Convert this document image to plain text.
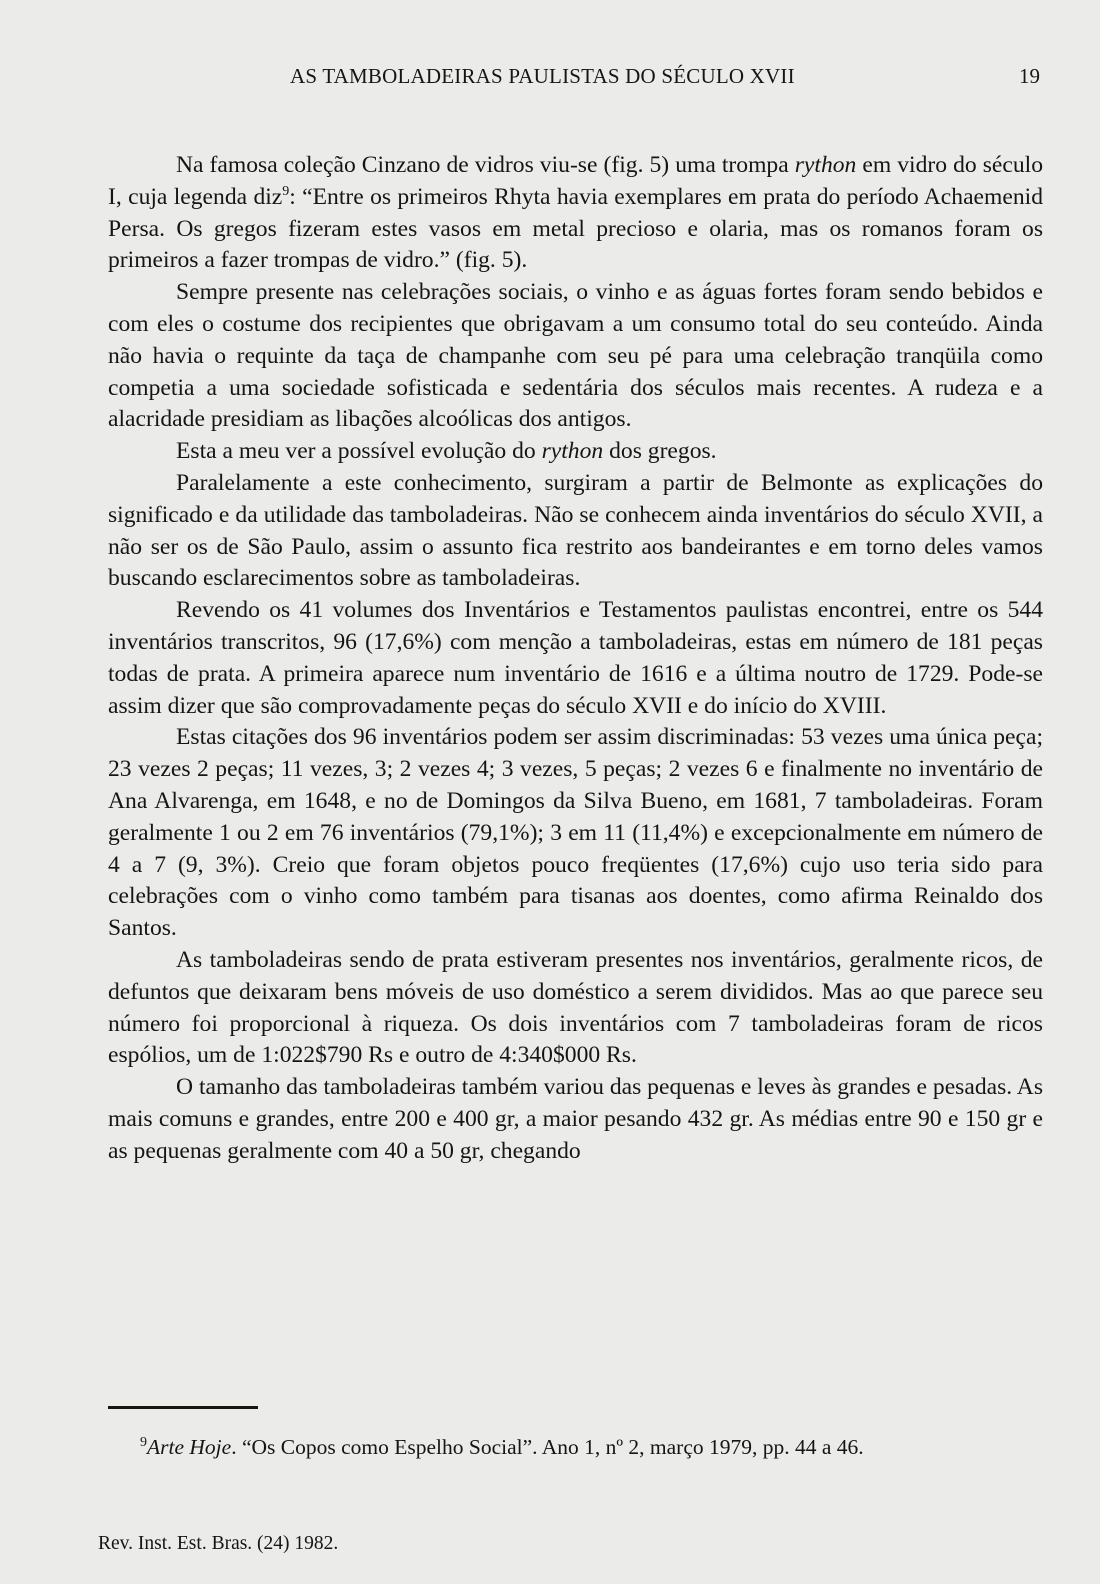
AS TAMBOLADEIRAS PAULISTAS DO SÉCULO XVII	19

Na famosa coleção Cinzano de vidros viu-se (fig. 5) uma trompa rython em vidro do século I, cuja legenda diz$^9$: “Entre os primeiros Rhyta havia exemplares em prata do período Achaemenid Persa. Os gregos fizeram estes vasos em metal precioso e olaria, mas os romanos foram os primeiros a fazer trompas de vidro.” (fig. 5).

Sempre presente nas celebrações sociais, o vinho e as águas fortes foram sendo bebidos e com eles o costume dos recipientes que obrigavam a um consumo total do seu conteúdo. Ainda não havia o requinte da taça de champanhe com seu pé para uma celebração tranqüila como competia a uma sociedade sofisticada e sedentária dos séculos mais recentes. A rudeza e a alacridade presidiam as libações alcoólicas dos antigos.

Esta a meu ver a possível evolução do rython dos gregos.

Paralelamente a este conhecimento, surgiram a partir de Belmonte as explicações do significado e da utilidade das tamboladeiras. Não se conhecem ainda inventários do século XVII, a não ser os de São Paulo, assim o assunto fica restrito aos bandeirantes e em torno deles vamos buscando esclarecimentos sobre as tamboladeiras.

Revendo os 41 volumes dos Inventários e Testamentos paulistas encontrei, entre os 544 inventários transcritos, 96 (17,6%) com menção a tamboladeiras, estas em número de 181 peças todas de prata. A primeira aparece num inventário de 1616 e a última noutro de 1729. Pode-se assim dizer que são comprovadamente peças do século XVII e do início do XVIII.

Estas citações dos 96 inventários podem ser assim discriminadas: 53 vezes uma única peça; 23 vezes 2 peças; 11 vezes, 3; 2 vezes 4; 3 vezes, 5 peças; 2 vezes 6 e finalmente no inventário de Ana Alvarenga, em 1648, e no de Domingos da Silva Bueno, em 1681, 7 tamboladeiras. Foram geralmente 1 ou 2 em 76 inventários (79,1%); 3 em 11 (11,4%) e excepcionalmente em número de 4 a 7 (9, 3%). Creio que foram objetos pouco freqüentes (17,6%) cujo uso teria sido para celebrações com o vinho como também para tisanas aos doentes, como afirma Reinaldo dos Santos.

As tamboladeiras sendo de prata estiveram presentes nos inventários, geralmente ricos, de defuntos que deixaram bens móveis de uso doméstico a serem divididos. Mas ao que parece seu número foi proporcional à riqueza. Os dois inventários com 7 tamboladeiras foram de ricos espólios, um de 1:022$790 Rs e outro de 4:340$000 Rs.

O tamanho das tamboladeiras também variou das pequenas e leves às grandes e pesadas. As mais comuns e grandes, entre 200 e 400 gr, a maior pesando 432 gr. As médias entre 90 e 150 gr e as pequenas geralmente com 40 a 50 gr, chegando

$^9$Arte Hoje. “Os Copos como Espelho Social”. Ano 1, nº 2, março 1979, pp. 44 a 46.

Rev. Inst. Est. Bras. (24) 1982.
